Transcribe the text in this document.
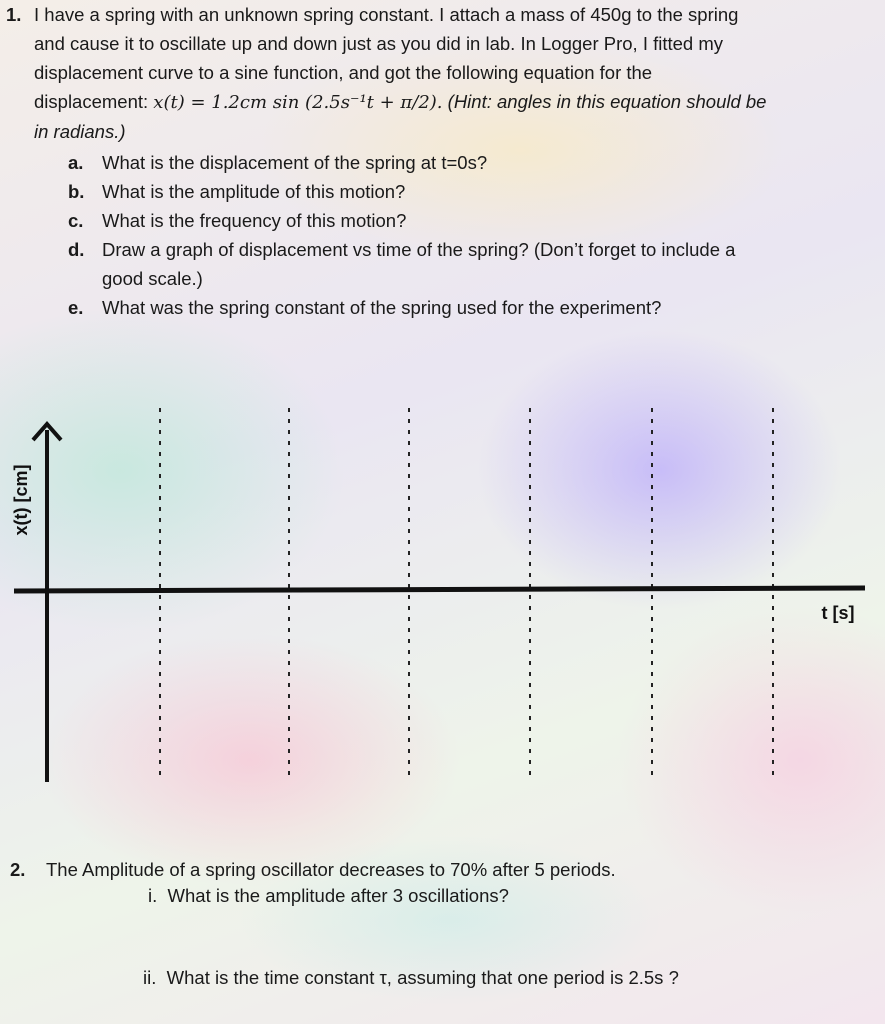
1. I have a spring with an unknown spring constant. I attach a mass of 450g to the spring
and cause it to oscillate up and down just as you did in lab. In Logger Pro, I fitted my
displacement curve to a sine function, and got the following equation for the
displacement: x(t) = 1.2cm sin (2.5s⁻¹t + π/2). (Hint: angles in this equation should be
in radians.)
a. What is the displacement of the spring at t=0s?
b. What is the amplitude of this motion?
c. What is the frequency of this motion?
d. Draw a graph of displacement vs time of the spring? (Don’t forget to include a
good scale.)
e. What was the spring constant of the spring used for the experiment?
x(t) [cm]
t [s]
2. The Amplitude of a spring oscillator decreases to 70% after 5 periods.
i. What is the amplitude after 3 oscillations?
ii. What is the time constant τ, assuming that one period is 2.5s ?
